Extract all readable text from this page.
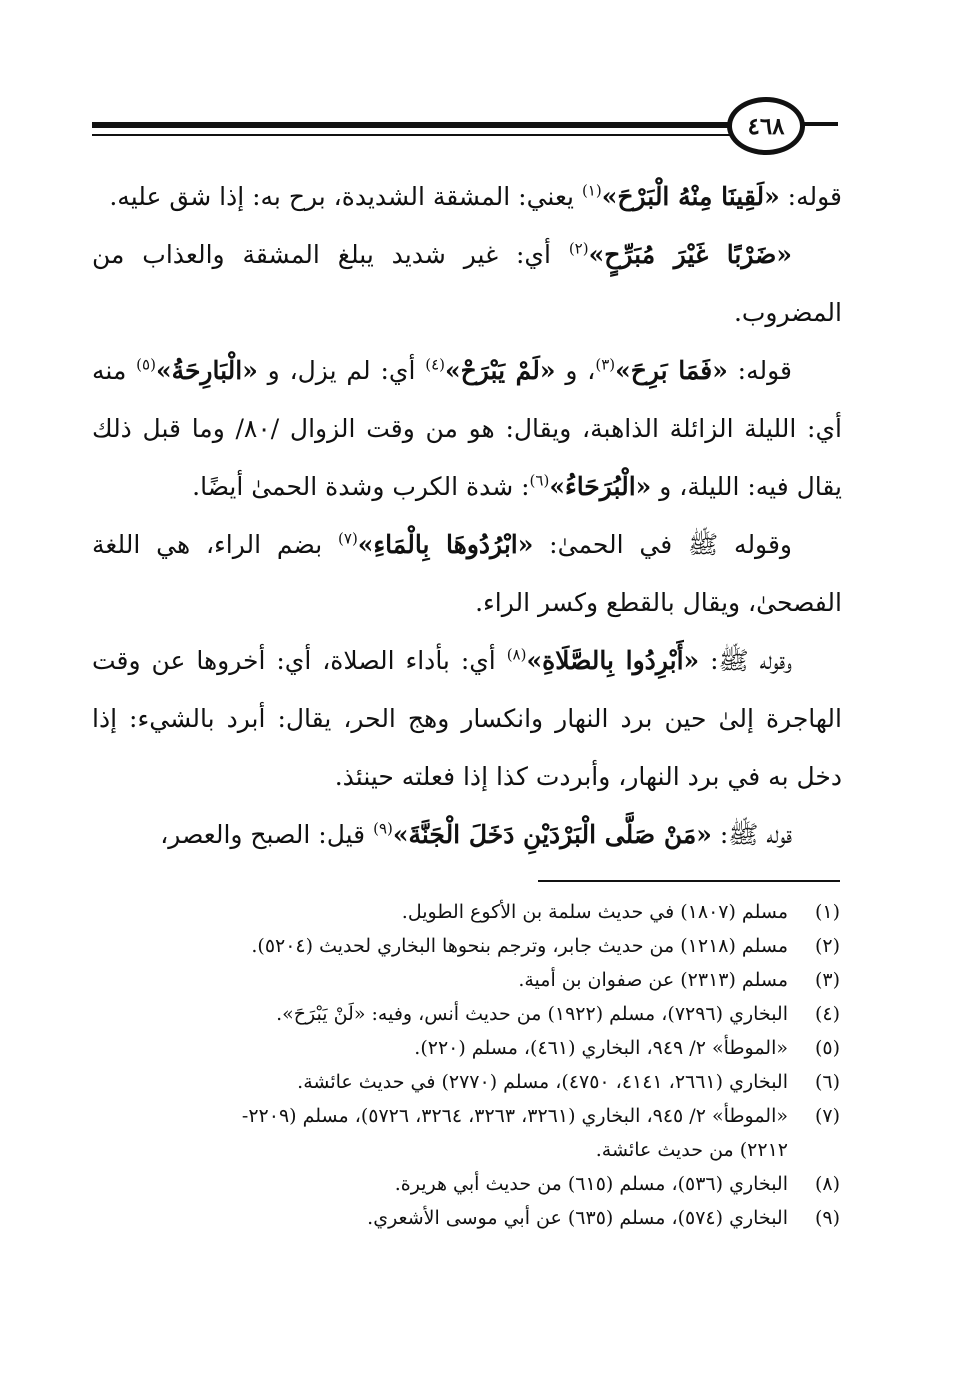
٤٦٨

قوله: «لَقِينَا مِنْهُ الْبَرْحَ»$^{(١)}$ يعني: المشقة الشديدة، برح به: إذا شق عليه.

«ضَرْبًا غَيْرَ مُبَرِّحٍ»$^{(٢)}$ أي: غير شديد يبلغ المشقة والعذاب من المضروب.

قوله: «فَمَا بَرِحَ»$^{(٣)}$، و «لَمْ يَبْرَحْ»$^{(٤)}$ أي: لم يزل، و «الْبَارِحَةُ»$^{(٥)}$ منه أي: الليلة الزائلة الذاهبة، ويقال: هو من وقت الزوال /٨٠/ وما قبل ذلك يقال فيه: الليلة، و «الْبُرَحَاءُ»$^{(٦)}$: شدة الكرب وشدة الحمىٰ أيضًا.

وقوله ﷺ في الحمىٰ: «ابْرُدُوهَا بِالْمَاءِ»$^{(٧)}$ بضم الراء، هي اللغة الفصحىٰ، ويقال بالقطع وكسر الراء.

وقوله ﷺ: «أَبْرِدُوا بِالصَّلَاةِ»$^{(٨)}$ أي: بأداء الصلاة، أي: أخروها عن وقت الهاجرة إلىٰ حين برد النهار وانكسار وهج الحر، يقال: أبرد بالشيء: إذا دخل به في برد النهار، وأبردت كذا إذا فعلته حينئذ.

قوله ﷺ: «مَنْ صَلَّى الْبَرْدَيْنِ دَخَلَ الْجَنَّةَ»$^{(٩)}$ قيل: الصبح والعصر،

(١)
مسلم (١٨٠٧) في حديث سلمة بن الأكوع الطويل.
(٢)
مسلم (١٢١٨) من حديث جابر، وترجم بنحوها البخاري لحديث (٥٢٠٤).
(٣)
مسلم (٢٣١٣) عن صفوان بن أمية.
(٤)
البخاري (٧٢٩٦)، مسلم (١٩٢٢) من حديث أنس، وفيه: «لَنْ يَبْرَحَ».
(٥)
«الموطأ» ٢/ ٩٤٩، البخاري (٤٦١)، مسلم (٢٢٠).
(٦)
البخاري (٢٦٦١، ٤١٤١، ٤٧٥٠)، مسلم (٢٧٧٠) في حديث عائشة.
(٧)
«الموطأ» ٢/ ٩٤٥، البخاري (٣٢٦١، ٣٢٦٣، ٣٢٦٤، ٥٧٢٦)، مسلم (٢٢٠٩-
٢٢١٢) من حديث عائشة.
(٨)
البخاري (٥٣٦)، مسلم (٦١٥) من حديث أبي هريرة.
(٩)
البخاري (٥٧٤)، مسلم (٦٣٥) عن أبي موسى الأشعري.
